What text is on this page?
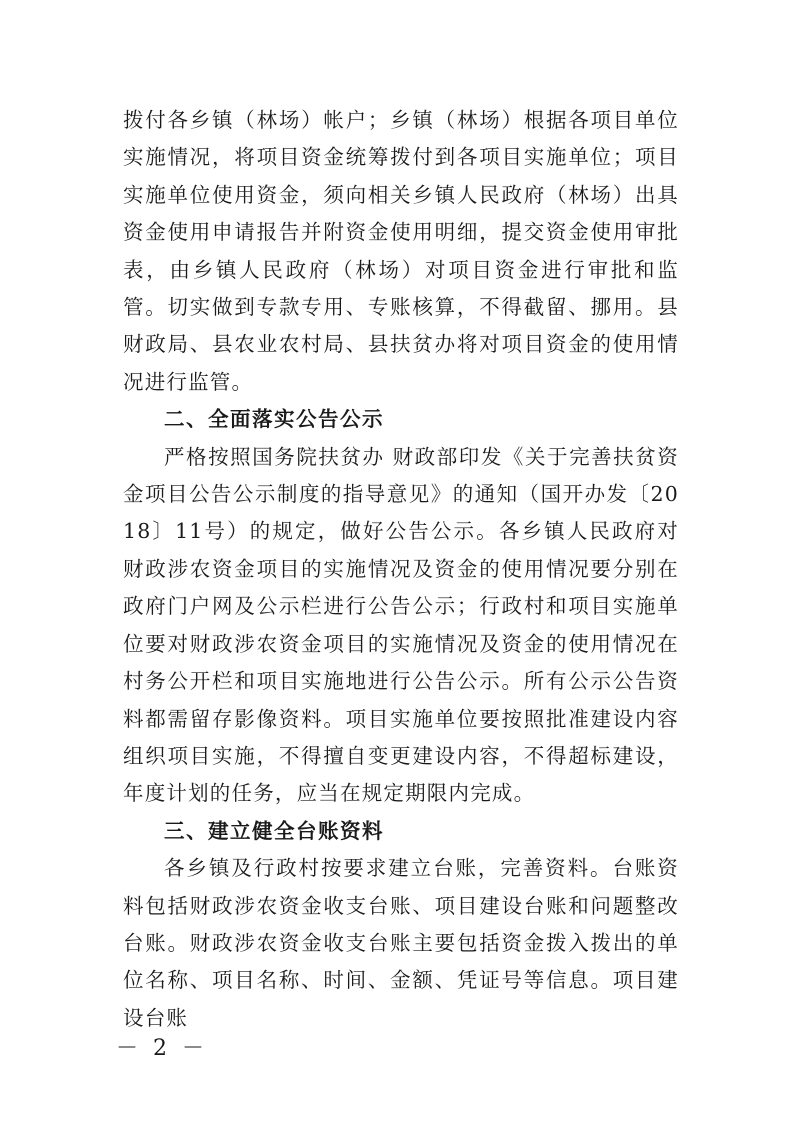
拨付各乡镇（林场）帐户；乡镇（林场）根据各项目单位实施情况，将项目资金统筹拨付到各项目实施单位；项目实施单位使用资金，须向相关乡镇人民政府（林场）出具资金使用申请报告并附资金使用明细，提交资金使用审批表，由乡镇人民政府（林场）对项目资金进行审批和监管。切实做到专款专用、专账核算，不得截留、挪用。县财政局、县农业农村局、县扶贫办将对项目资金的使用情况进行监管。

二、全面落实公告公示

严格按照国务院扶贫办 财政部印发《关于完善扶贫资金项目公告公示制度的指导意见》的通知（国开办发〔2018〕11号）的规定，做好公告公示。各乡镇人民政府对财政涉农资金项目的实施情况及资金的使用情况要分别在政府门户网及公示栏进行公告公示；行政村和项目实施单位要对财政涉农资金项目的实施情况及资金的使用情况在村务公开栏和项目实施地进行公告公示。所有公示公告资料都需留存影像资料。项目实施单位要按照批准建设内容组织项目实施，不得擅自变更建设内容，不得超标建设，年度计划的任务，应当在规定期限内完成。

三、建立健全台账资料

各乡镇及行政村按要求建立台账，完善资料。台账资料包括财政涉农资金收支台账、项目建设台账和问题整改台账。财政涉农资金收支台账主要包括资金拨入拨出的单位名称、项目名称、时间、金额、凭证号等信息。项目建设台账

－ 2 －
